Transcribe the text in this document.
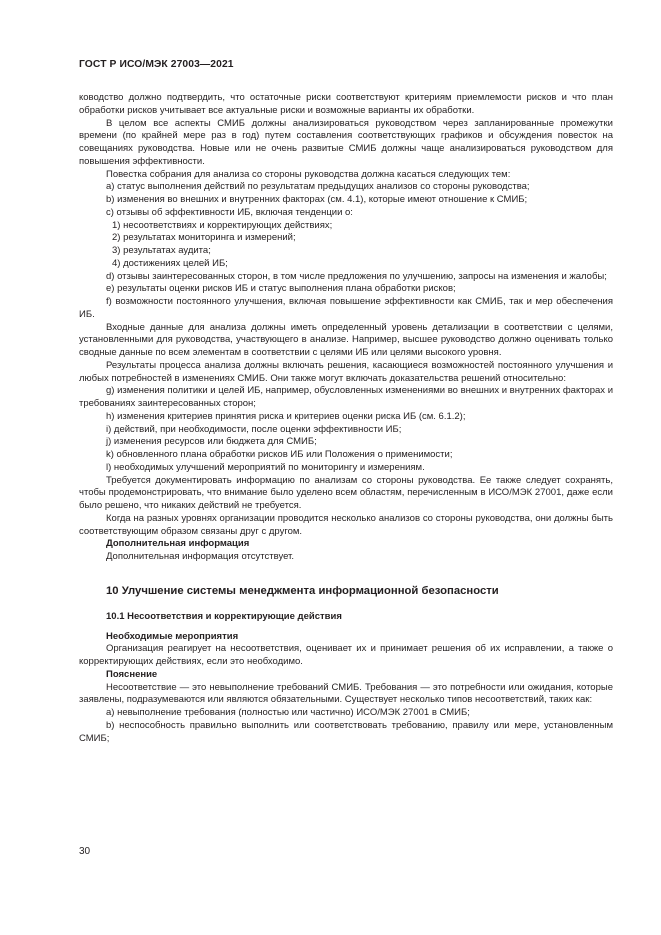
ГОСТ Р ИСО/МЭК 27003—2021

ководство должно подтвердить, что остаточные риски соответствуют критериям приемлемости рисков и что план обработки рисков учитывает все актуальные риски и возможные варианты их обработки.

В целом все аспекты СМИБ должны анализироваться руководством через запланированные промежутки времени (по крайней мере раз в год) путем составления соответствующих графиков и обсуждения повесток на совещаниях руководства. Новые или не очень развитые СМИБ должны чаще анализироваться руководством для повышения эффективности.

Повестка собрания для анализа со стороны руководства должна касаться следующих тем:

а) статус выполнения действий по результатам предыдущих анализов со стороны руководства;

b) изменения во внешних и внутренних факторах (см. 4.1), которые имеют отношение к СМИБ;

с) отзывы об эффективности ИБ, включая тенденции о:

1) несоответствиях и корректирующих действиях;

2) результатах мониторинга и измерений;

3) результатах аудита;

4) достижениях целей ИБ;

d) отзывы заинтересованных сторон, в том числе предложения по улучшению, запросы на изменения и жалобы;

е) результаты оценки рисков ИБ и статус выполнения плана обработки рисков;

f) возможности постоянного улучшения, включая повышение эффективности как СМИБ, так и мер обеспечения ИБ.

Входные данные для анализа должны иметь определенный уровень детализации в соответствии с целями, установленными для руководства, участвующего в анализе. Например, высшее руководство должно оценивать только сводные данные по всем элементам в соответствии с целями ИБ или целями высокого уровня.

Результаты процесса анализа должны включать решения, касающиеся возможностей постоянного улучшения и любых потребностей в изменениях СМИБ. Они также могут включать доказательства решений относительно:

g) изменения политики и целей ИБ, например, обусловленных изменениями во внешних и внутренних факторах и требованиях заинтересованных сторон;

h) изменения критериев принятия риска и критериев оценки риска ИБ (см. 6.1.2);

i) действий, при необходимости, после оценки эффективности ИБ;

j) изменения ресурсов или бюджета для СМИБ;

k) обновленного плана обработки рисков ИБ или Положения о применимости;

l) необходимых улучшений мероприятий по мониторингу и измерениям.

Требуется документировать информацию по анализам со стороны руководства. Ее также следует сохранять, чтобы продемонстрировать, что внимание было уделено всем областям, перечисленным в ИСО/МЭК 27001, даже если было решено, что никаких действий не требуется.

Когда на разных уровнях организации проводится несколько анализов со стороны руководства, они должны быть соответствующим образом связаны друг с другом.

Дополнительная информация

Дополнительная информация отсутствует.

10 Улучшение системы менеджмента информационной безопасности
10.1 Несоответствия и корректирующие действия

Необходимые мероприятия

Организация реагирует на несоответствия, оценивает их и принимает решения об их исправлении, а также о корректирующих действиях, если это необходимо.

Пояснение

Несоответствие — это невыполнение требований СМИБ. Требования — это потребности или ожидания, которые заявлены, подразумеваются или являются обязательными. Существует несколько типов несоответствий, таких как:

а) невыполнение требования (полностью или частично) ИСО/МЭК 27001 в СМИБ;

b) неспособность правильно выполнить или соответствовать требованию, правилу или мере, установленным СМИБ;

30
